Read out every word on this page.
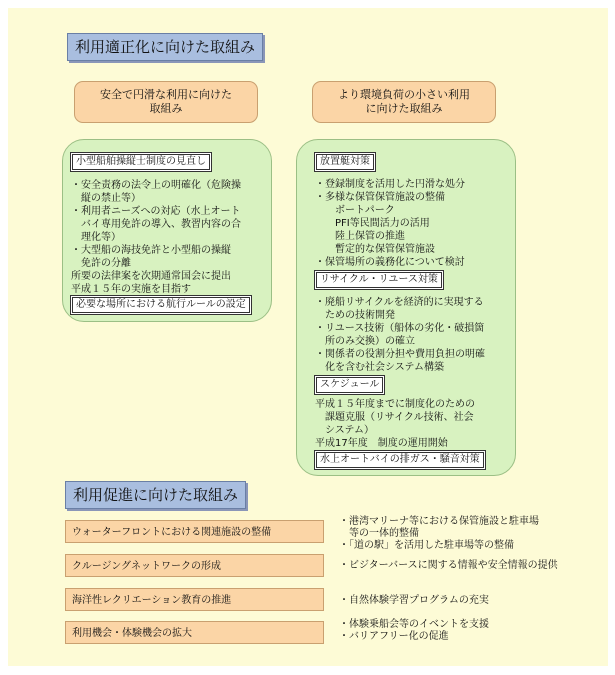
利用適正化に向けた取組み
安全で円滑な利用に向けた
取組み
より環境負荷の小さい利用
に向けた取組み
小型船舶操縦士制度の見直し
・安全责務の法令上の明確化（危険操
　縦の禁止等）
・利用者ニーズへの対応（水上オート
　バイ専用免許の導入、教習内容の合
　理化等）
・大型船の海技免許と小型船の操縦
　免許の分離
所要の法律案を次期通常国会に提出
平成１５年の実施を目指す
必要な場所における航行ルールの設定
放置艇対策
・登録制度を活用した円滑な処分
・多様な保管保管施設の整備
　　ボートパーク
　　PFI等民間活力の活用
　　陸上保管の推進
　　暫定的な保管保管施設
・保管場所の義務化について検討
リサイクル・リユース対策
・廃船リサイクルを経済的に実現する
　ための技術開発
・リユース技術（船体の劣化・破損箇
　所のみ交換）の確立
・関係者の役割分担や費用負担の明確
　化を含む社会システム構築
スケジュール
平成１５年度までに制度化のための
　課題克服（リサイクル技術、社会
　システム）
平成17年度　制度の運用開始
水上オートバイの排ガス・騒音対策
利用促進に向けた取組み
ウォーターフロントにおける関連施設の整備
・港湾マリーナ等における保管施設と駐車場
　等の一体的整備
・「道の駅」を活用した駐車場等の整備
クルージングネットワークの形成	・ビジターバースに関する情報や安全情報の提供
海洋性レクリエーション教育の推進	・自然体験学習プログラムの充実
利用機会・体験機会の拡大
・体験乗船会等のイベントを支援
・バリアフリー化の促進
